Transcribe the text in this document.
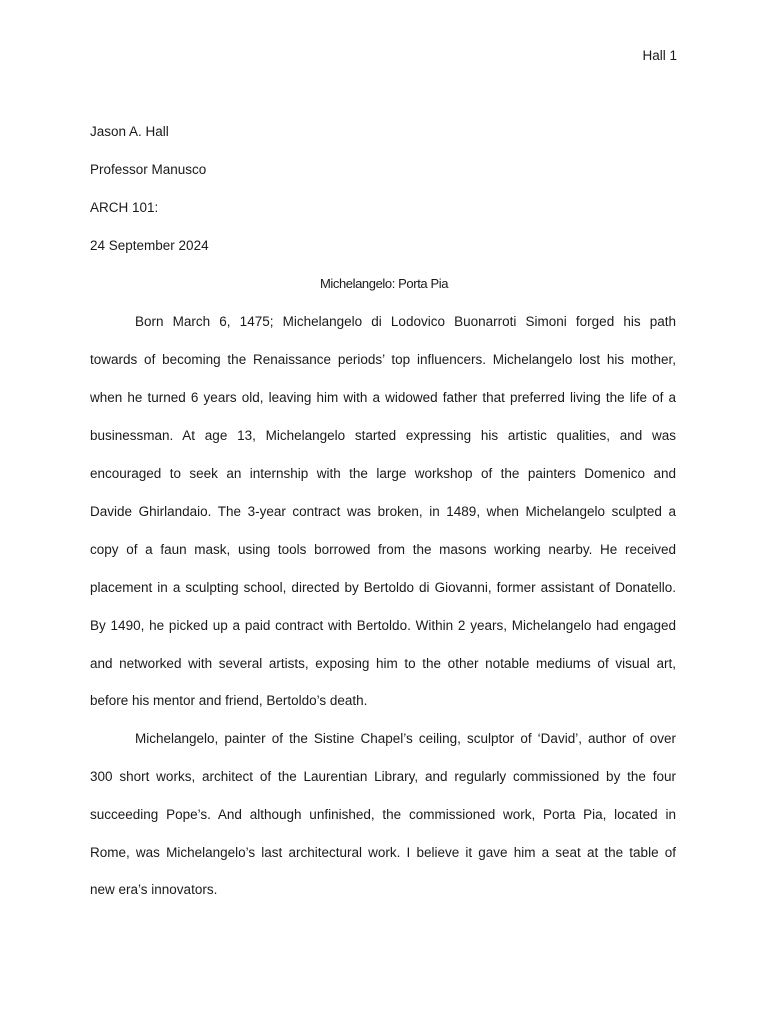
Hall 1
Jason A. Hall
Professor Manusco
ARCH 101:
24 September 2024
Michelangelo: Porta Pia
Born March 6, 1475; Michelangelo di Lodovico Buonarroti Simoni forged his path
towards of becoming the Renaissance periods’ top influencers. Michelangelo lost his mother,
when he turned 6 years old, leaving him with a widowed father that preferred living the life of a
businessman. At age 13, Michelangelo started expressing his artistic qualities, and was
encouraged to seek an internship with the large workshop of the painters Domenico and
Davide Ghirlandaio. The 3-year contract was broken, in 1489, when Michelangelo sculpted a
copy of a faun mask, using tools borrowed from the masons working nearby. He received
placement in a sculpting school, directed by Bertoldo di Giovanni, former assistant of Donatello.
By 1490, he picked up a paid contract with Bertoldo. Within 2 years, Michelangelo had engaged
and networked with several artists, exposing him to the other notable mediums of visual art,
before his mentor and friend, Bertoldo’s death.
Michelangelo, painter of the Sistine Chapel’s ceiling, sculptor of ‘David’, author of over
300 short works, architect of the Laurentian Library, and regularly commissioned by the four
succeeding Pope’s. And although unfinished, the commissioned work, Porta Pia, located in
Rome, was Michelangelo’s last architectural work. I believe it gave him a seat at the table of
new era’s innovators.
